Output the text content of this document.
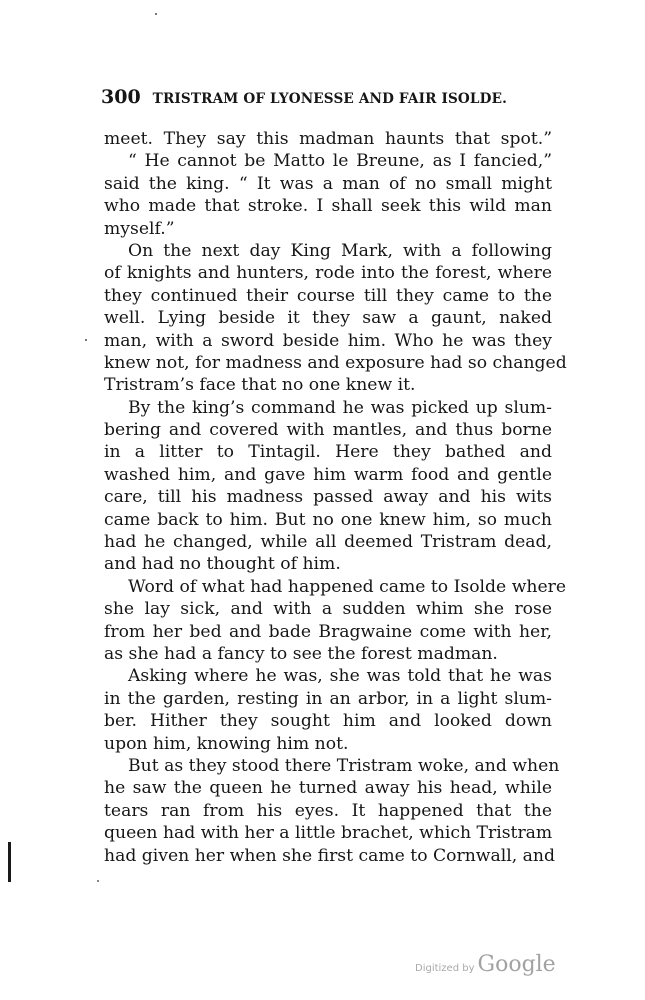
300 TRISTRAM OF LYONESSE AND FAIR ISOLDE.
meet. They say this madman haunts that spot.”
“ He cannot be Matto le Breune, as I fancied,”
said the king. “ It was a man of no small might
who made that stroke. I shall seek this wild man
myself.”
On the next day King Mark, with a following
of knights and hunters, rode into the forest, where
they continued their course till they came to the
well. Lying beside it they saw a gaunt, naked
man, with a sword beside him. Who he was they
knew not, for madness and exposure had so changed
Tristram’s face that no one knew it.
By the king’s command he was picked up slum-
bering and covered with mantles, and thus borne
in a litter to Tintagil. Here they bathed and
washed him, and gave him warm food and gentle
care, till his madness passed away and his wits
came back to him. But no one knew him, so much
had he changed, while all deemed Tristram dead,
and had no thought of him.
Word of what had happened came to Isolde where
she lay sick, and with a sudden whim she rose
from her bed and bade Bragwaine come with her,
as she had a fancy to see the forest madman.
Asking where he was, she was told that he was
in the garden, resting in an arbor, in a light slum-
ber. Hither they sought him and looked down
upon him, knowing him not.
But as they stood there Tristram woke, and when
he saw the queen he turned away his head, while
tears ran from his eyes. It happened that the
queen had with her a little brachet, which Tristram
had given her when she first came to Cornwall, and
Digitized by Google
